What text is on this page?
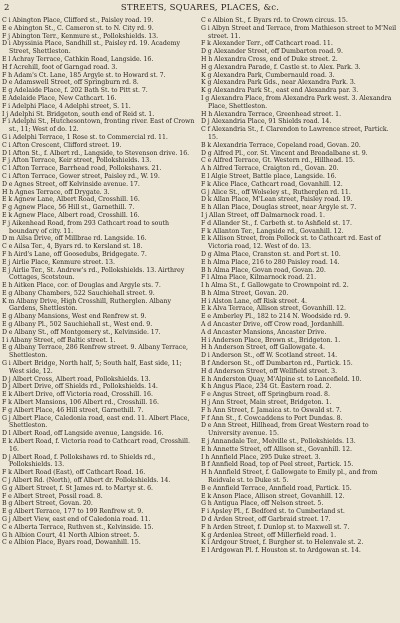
2	STREETS, SQUARES, PLACES, &c.
C i Abington Place, Clifford st., Paisley road. 19.
E e Abington St., C. Cameron st. to N. City rd. 9.
F j Abington Terr., Kenmure st., Pollokshields. 13.
D i Abyssinia Place, Sandhill st., Paisley rd. 19. Academy Street, Shettleston.
E l Achray Terrace, Cathkin Road, Langside. 16.
H f Acrehill, foot of Garngad road. 3.
F h Adam's Ct. Lane, 185 Argyle st. to Howard st. 7.
D e Adamswell Street, off Springburn rd. 8.
E g Adelaide Place, f. 202 Bath St. to Pitt st. 7.
E Adelaide Place, New Cathcart. 16.
F i Adelphi Place, 4 Adelphi street, S. 11.
I j Adelphi St. Bridgeton, south end of Reid st. 1.
F i Adelphi St., Hutchesontown, fronting river. East of Crown st., 11; West of do. 12.
G i Adelphi Terrace, 1 Rose st. to Commercial rd. 11.
C i Afton Crescent, Clifford street. 19.
D l Afton St., f. Albert rd., Langside, to Stevenson drive. 16.
F j Afton Terrace, Keir street, Pollokshields. 13.
C l Afton Terrace, Barrhead road, Pollokshaws. 21.
C i Afton Terrace, Gower street, Paisley rd., W. 19.
D e Agnes Street, off Kelvinside avenue. 17.
H h Agnes Terrace, off Drygate. 3.
E k Agnew Lane, Albert Road, Crosshill. 16.
F g Agnew Place, 56 Hill st., Garnethill. 7.
E k Agnew Place, Albert road, Crosshill. 16.
F j Aikenhead Road, from 293 Cathcart road to south boundary of city. 11.
D m Ailsa Drive, off Millbrae rd. Langside. 16.
C e Ailsa Ter., 4, Byars rd. to Kersland st. 18.
F h Aird's Lane, off Goosedubs, Bridgegate. 7.
E j Airlie Place, Kenmure street. 13.
E j Airlie Ter., St. Andrew's rd., Pollokshields. 13. Airthrey Cottages, Scotstoun.
E h Aitken Place, cor. of Douglas and Argyle sts. 7.
E g Albany Chambers, 522 Sauchiehall street. 9.
K m Albany Drive, High Crosshill, Rutherglen. Albany Gardens, Shettleston.
E g Albany Mansions, West end Renfrew st. 9.
E g Albany Pl., 502 Sauchiehall st., West end. 9.
D e Albany St., off Montgomery st., Kelvinside. 17.
I i Albany Street, off Baltic street. 1.
E g Albany Terrace, 286 Renfrew street. 9. Albany Terrace, Shettleston.
G i Albert Bridge, North half, 5; South half, East side, 11; West side, 12.
D j Albert Cross, Albert road, Pollokshields. 13.
D j Albert Drive, off Shields rd., Pollokshields. 14.
E k Albert Drive, off Victoria road, Crosshill. 16.
F k Albert Mansions, 106 Albert rd., Crosshill. 16.
F g Albert Place, 46 Hill street, Garnethill. 7.
G j Albert Place, Caledonia road, east end. 11. Albert Place, Shettleston.
D l Albert Road, off Langside avenue, Langside. 16.
E k Albert Road, f. Victoria road to Cathcart road, Crosshill. 16.
D j Albert Road, f. Pollokshaws rd. to Shields rd., Pollokshields. 13.
F k Albert Road (East), off Cathcart Road. 16.
C j Albert Rd. (North), off Albert dr. Pollokshields. 14.
G g Albert Street, f. St James rd. to Martyr st. 6.
F e Albert Street, Possil road. 8.
B g Albert Street, Govan. 20.
E g Albert Terrace, 177 to 199 Renfrew st. 9.
G j Albert View, east end of Caledonia road. 11.
C e Alberta Terrace, Ruthven st., Kelvinside. 15.
G h Albion Court, 41 North Albion street. 5.
C e Albion Place, Byars road, Dowanhill. 15.
C e Albion St., f. Byars rd. to Crown circus. 15.
G i Albyn Street and Terrace, from Mathieson street to M'Neil street. 11.
F k Alexander Terr., off Cathcart road. 11.
D g Alexander Street, off Dumbarton road. 9.
H h Alexandra Cross, end of Duke street. 2.
H g Alexandra Parade, f. Castle st. to Alex. Park. 3.
K g Alexandra Park, Cumbernauld road. 3.
K g Alexandra Park Gds., near Alexandra Park. 3.
K g Alexandra Park St., east end Alexandra par. 3.
I g Alexandra Place, from Alexandra Park west. 3. Alexandra Place, Shettleston.
H h Alexandra Terrace, Greenhead street. 1.
D j Alexandria Place, 91 Shields road. 14.
C f Alexandria St., f. Clarendon to Lawrence street, Partick. 15.
B k Alexandria Terrace, Copeland road, Govan. 20.
D g Alfred Pl., cor. St. Vincent and Breadalbane st. 9.
C e Alfred Terrace, Gt. Western rd., Hillhead. 15.
A h Alfred Terrace, Craigton rd., Govan. 20.
E l Algie Street, Battle place, Langside. 16.
F k Alice Place, Cathcart road, Govanhill. 12.
G j Alice St., off Wolseley st., Rutherglen rd. 11.
D k Allan Place, M'Lean street, Paisley road. 19.
E h Allan Place, Douglas street, near Argyle st. 7.
I j Allan Street, off Dalmarnock road. 1.
F d Allander St., f. Carbeth st. to Ashfield st. 17.
F k Allanton Ter., Langside rd., Govanhill. 12.
E k Allison Street, from Pollock st. to Cathcart rd. East of Victoria road, 12. West of do. 13.
D g Alma Place, Cranston st. and Port st. 10.
E h Alma Place, 216 to 280 Paisley road. 14.
B h Alma Place, Govan road, Govan. 20.
F l Alma Place, Kilmarnock road. 21.
I h Alma St., f. Gallowgate to Crownpoint rd. 2.
B h Alma Street, Govan. 20.
H i Alston Lane, off Risk street. 4.
E k Alva Terrace, Allison street, Govanhill. 12.
E e Amberley Pl., 182 to 214 N. Woodside rd. 9.
A d Ancaster Drive, off Crow road, Jordanhill.
A d Ancaster Mansions, Ancaster Drive.
H i Anderson Place, Brown st., Bridgeton. 1.
H h Anderson Street, off Gallowgate. 4.
D i Anderson St., off W. Scotland street. 14.
B f Anderson St., off Dumbarton rd., Partick. 15.
H d Anderson Street, off Wellfield street. 3.
E h Anderston Quay, M'Alpine st. to Lancefield. 10.
K h Angus Place, 234 Gt. Eastern road. 2.
F e Angus Street, off Springburn road. 8.
H j Ann Street, Main street, Bridgeton. 1.
F h Ann Street, f. Jamaica st. to Oswald st. 7.
F f Ann St., f. Cowcaddens to Port Dundas. 8.
D e Ann Street, Hillhead, from Great Western road to University avenue. 15.
E j Annandale Ter., Melville st., Pollokshields. 13.
E h Annette Street, off Allison st., Govanhill. 12.
I h Annfield Place, 295 Duke street. 3.
B f Annfield Road, top of Peel street, Partick. 15.
H h Annfield Street, f. Gallowgate to Emily pl., and from Reidvale st. to Duke st. 5.
B e Annfield Terrace, Annfield road, Partick. 15.
E k Anson Place, Allison street, Govanhill. 12.
G h Antigua Place, off Nelson street. 5.
F i Apsley Pl., f. Bedford st. to Cumberland st.
D d Arden Street, off Garbraid street. 17.
F h Arden Street, f. Dunlop st. to Maxwell st. 7.
K g Ardenlea Street, off Millerfield road. 1.
K i Ardgour Street, f. Burgher st. to Helenvale st. 2.
E l Ardgowan Pl. f. Houston st. to Ardgowan st. 14.
